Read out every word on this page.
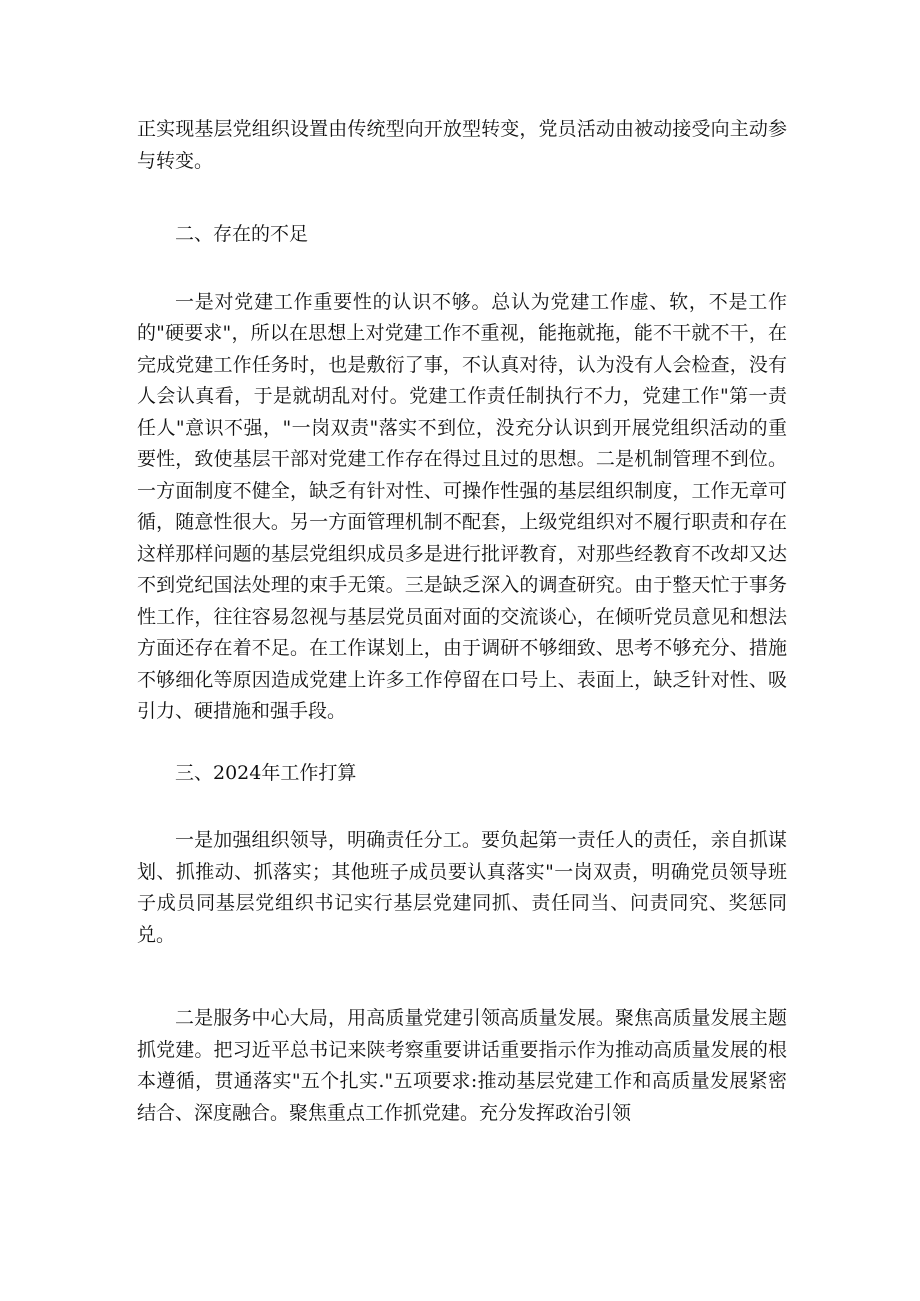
正实现基层党组织设置由传统型向开放型转变，党员活动由被动接受向主动参与转变。

二、存在的不足

一是对党建工作重要性的认识不够。总认为党建工作虚、软，不是工作的"硬要求"，所以在思想上对党建工作不重视，能拖就拖，能不干就不干，在完成党建工作任务时，也是敷衍了事，不认真对待，认为没有人会检查，没有人会认真看，于是就胡乱对付。党建工作责任制执行不力，党建工作"第一责任人"意识不强，"一岗双责"落实不到位，没充分认识到开展党组织活动的重要性，致使基层干部对党建工作存在得过且过的思想。二是机制管理不到位。一方面制度不健全，缺乏有针对性、可操作性强的基层组织制度，工作无章可循，随意性很大。另一方面管理机制不配套，上级党组织对不履行职责和存在这样那样问题的基层党组织成员多是进行批评教育，对那些经教育不改却又达不到党纪国法处理的束手无策。三是缺乏深入的调查研究。由于整天忙于事务性工作，往往容易忽视与基层党员面对面的交流谈心，在倾听党员意见和想法方面还存在着不足。在工作谋划上，由于调研不够细致、思考不够充分、措施不够细化等原因造成党建上许多工作停留在口号上、表面上，缺乏针对性、吸引力、硬措施和强手段。

三、2024年工作打算

一是加强组织领导，明确责任分工。要负起第一责任人的责任，亲自抓谋划、抓推动、抓落实；其他班子成员要认真落实"一岗双责，明确党员领导班子成员同基层党组织书记实行基层党建同抓、责任同当、问责同究、奖惩同兑。

二是服务中心大局，用高质量党建引领高质量发展。聚焦高质量发展主题抓党建。把习近平总书记来陕考察重要讲话重要指示作为推动高质量发展的根本遵循，贯通落实"五个扎实."五项要求:推动基层党建工作和高质量发展紧密结合、深度融合。聚焦重点工作抓党建。充分发挥政治引领
